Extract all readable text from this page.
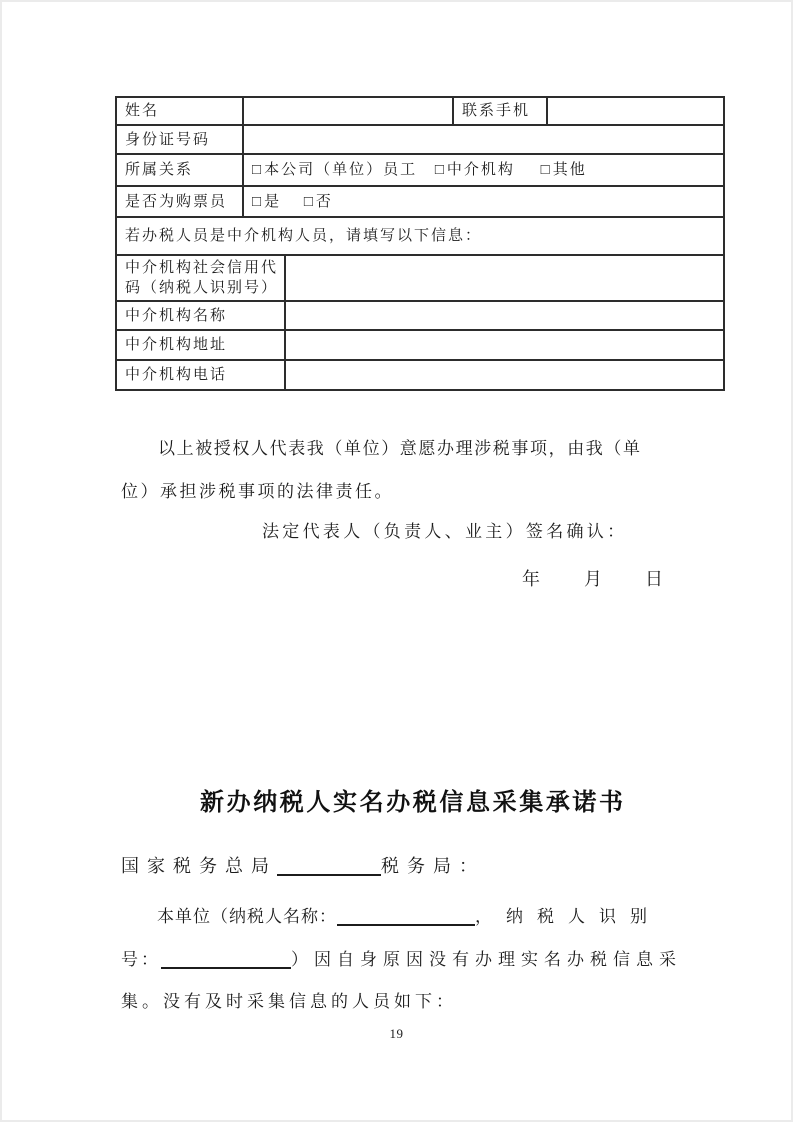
姓名			联系手机	
身份证号码				
所属关系	□本公司（单位）员工 □中介机构 □其他			
是否为购票员	□是 □否			
若办税人员是中介机构人员，请填写以下信息：				
中介机构社会信用代码（纳税人识别号）				
中介机构名称				
中介机构地址				
中介机构电话				
以上被授权人代表我（单位）意愿办理涉税事项，由我（单
位）承担涉税事项的法律责任。
法定代表人（负责人、业主）签名确认：
年 月 日
新办纳税人实名办税信息采集承诺书
国家税务总局	税务局：
本单位（纳税人名称：	，纳税人识别
号：	）因自身原因没有办理实名办税信息采
集。没有及时采集信息的人员如下：
19
